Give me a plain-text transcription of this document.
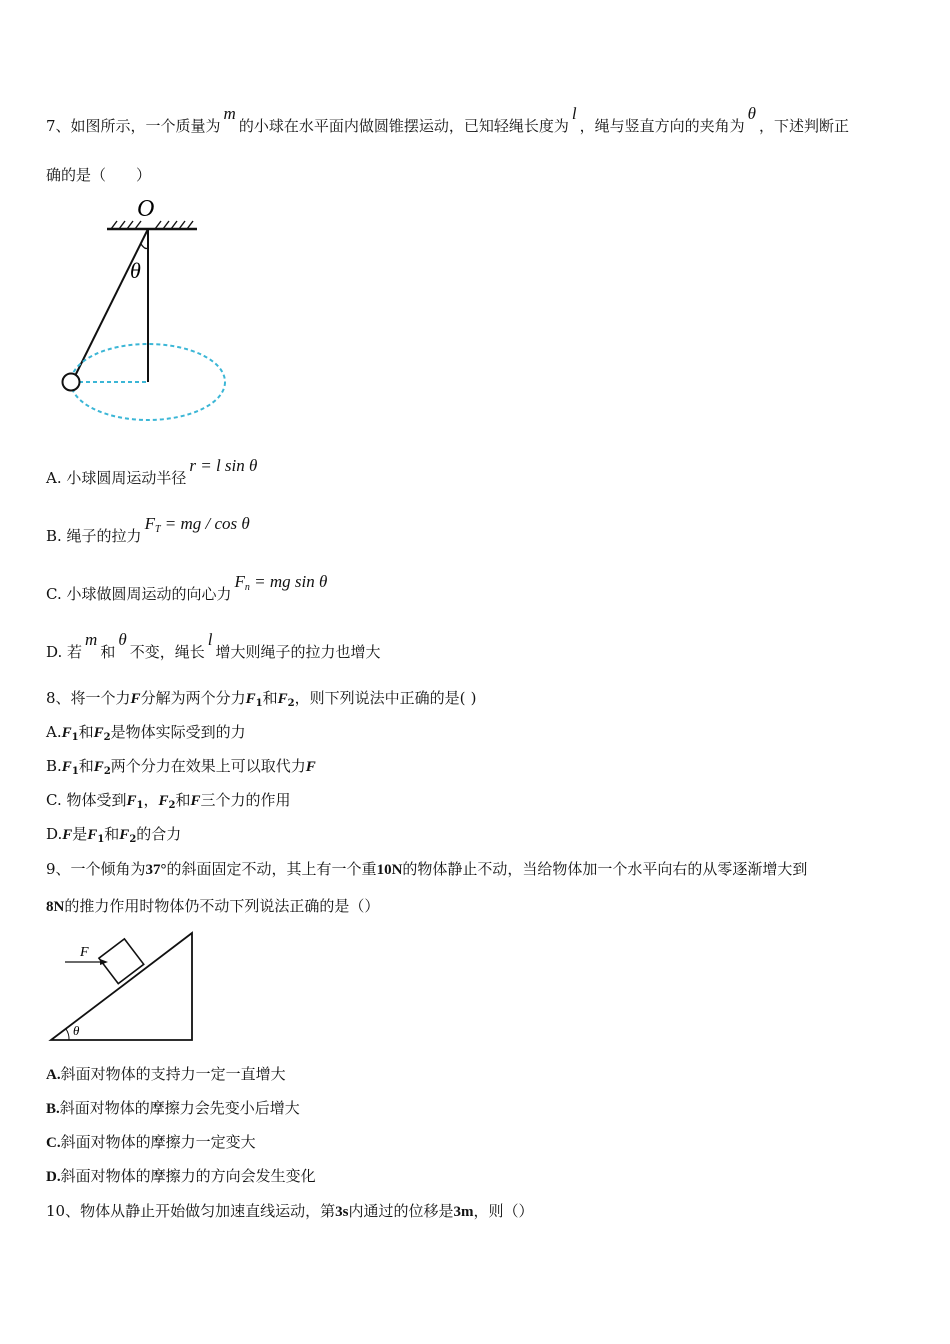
7、如图所示，一个质量为m的小球在水平面内做圆锥摆运动，已知轻绳长度为l，绳与竖直方向的夹角为θ，下述判断正
确的是（　　）
O
θ
A. 小球圆周运动半径r = l sin θ
B. 绳子的拉力$F_T$ = mg / cos θ
C. 小球做圆周运动的向心力$F_n$ = mg sin θ
D. 若m和θ不变，绳长l增大则绳子的拉力也增大
8、将一个力F分解为两个分力$F_1$和$F_2$，则下列说法中正确的是( )
$A.F_1$和$F_2$是物体实际受到的力
$B.F_1$和$F_2$两个分力在效果上可以取代力F
C. 物体受到$F_1$，$F_2$和F三个力的作用
D.F是$F_1$和$F_2$的合力
9、一个倾角为37°的斜面固定不动，其上有一个重10N的物体静止不动，当给物体加一个水平向右的从零逐渐增大到
8N的推力作用时物体仍不动下列说法正确的是（）
F
θ
A.斜面对物体的支持力一定一直增大
B.斜面对物体的摩擦力会先变小后增大
C.斜面对物体的摩擦力一定变大
D.斜面对物体的摩擦力的方向会发生变化
10、物体从静止开始做匀加速直线运动，第3s内通过的位移是3m，则（）
